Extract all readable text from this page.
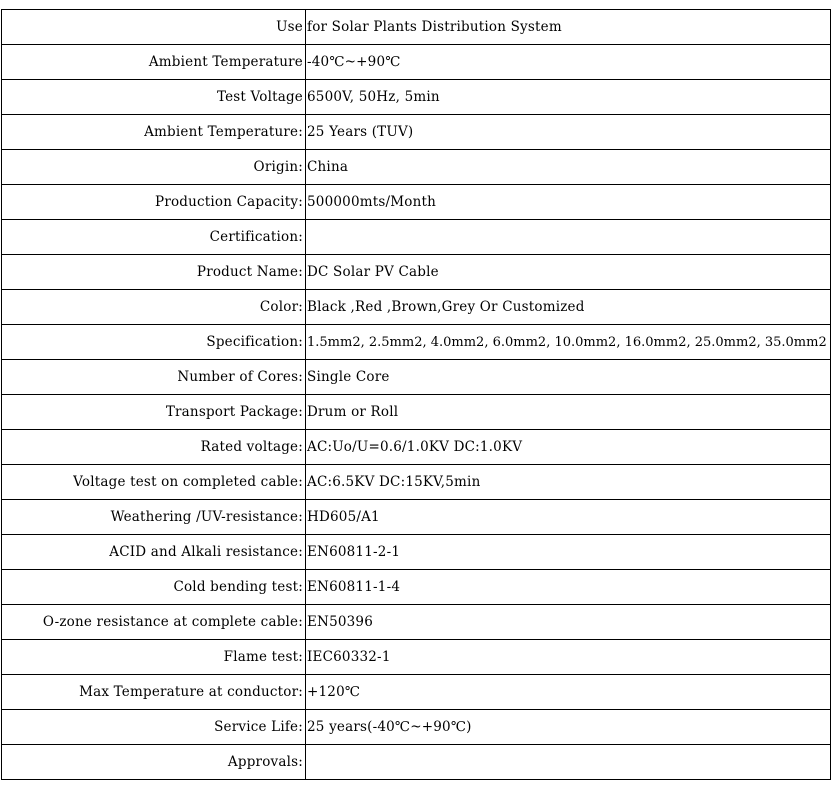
Use	for Solar Plants Distribution System
Ambient Temperature	-40℃~+90℃
Test Voltage	6500V, 50Hz, 5min
Ambient Temperature:	25 Years (TUV)
Origin:	China
Production Capacity:	500000mts/Month
Certification:	
Product Name:	DC Solar PV Cable
Color:	Black ,Red ,Brown,Grey Or Customized
Specification:	1.5mm2, 2.5mm2, 4.0mm2, 6.0mm2, 10.0mm2, 16.0mm2, 25.0mm2, 35.0mm2
Number of Cores:	Single Core
Transport Package:	Drum or Roll
Rated voltage:	AC:Uo/U=0.6/1.0KV DC:1.0KV
Voltage test on completed cable:	AC:6.5KV DC:15KV,5min
Weathering /UV-resistance:	HD605/A1
ACID and Alkali resistance:	EN60811-2-1
Cold bending test:	EN60811-1-4
O-zone resistance at complete cable:	EN50396
Flame test:	IEC60332-1
Max Temperature at conductor:	+120℃
Service Life:	25 years(-40℃~+90℃)
Approvals:	
